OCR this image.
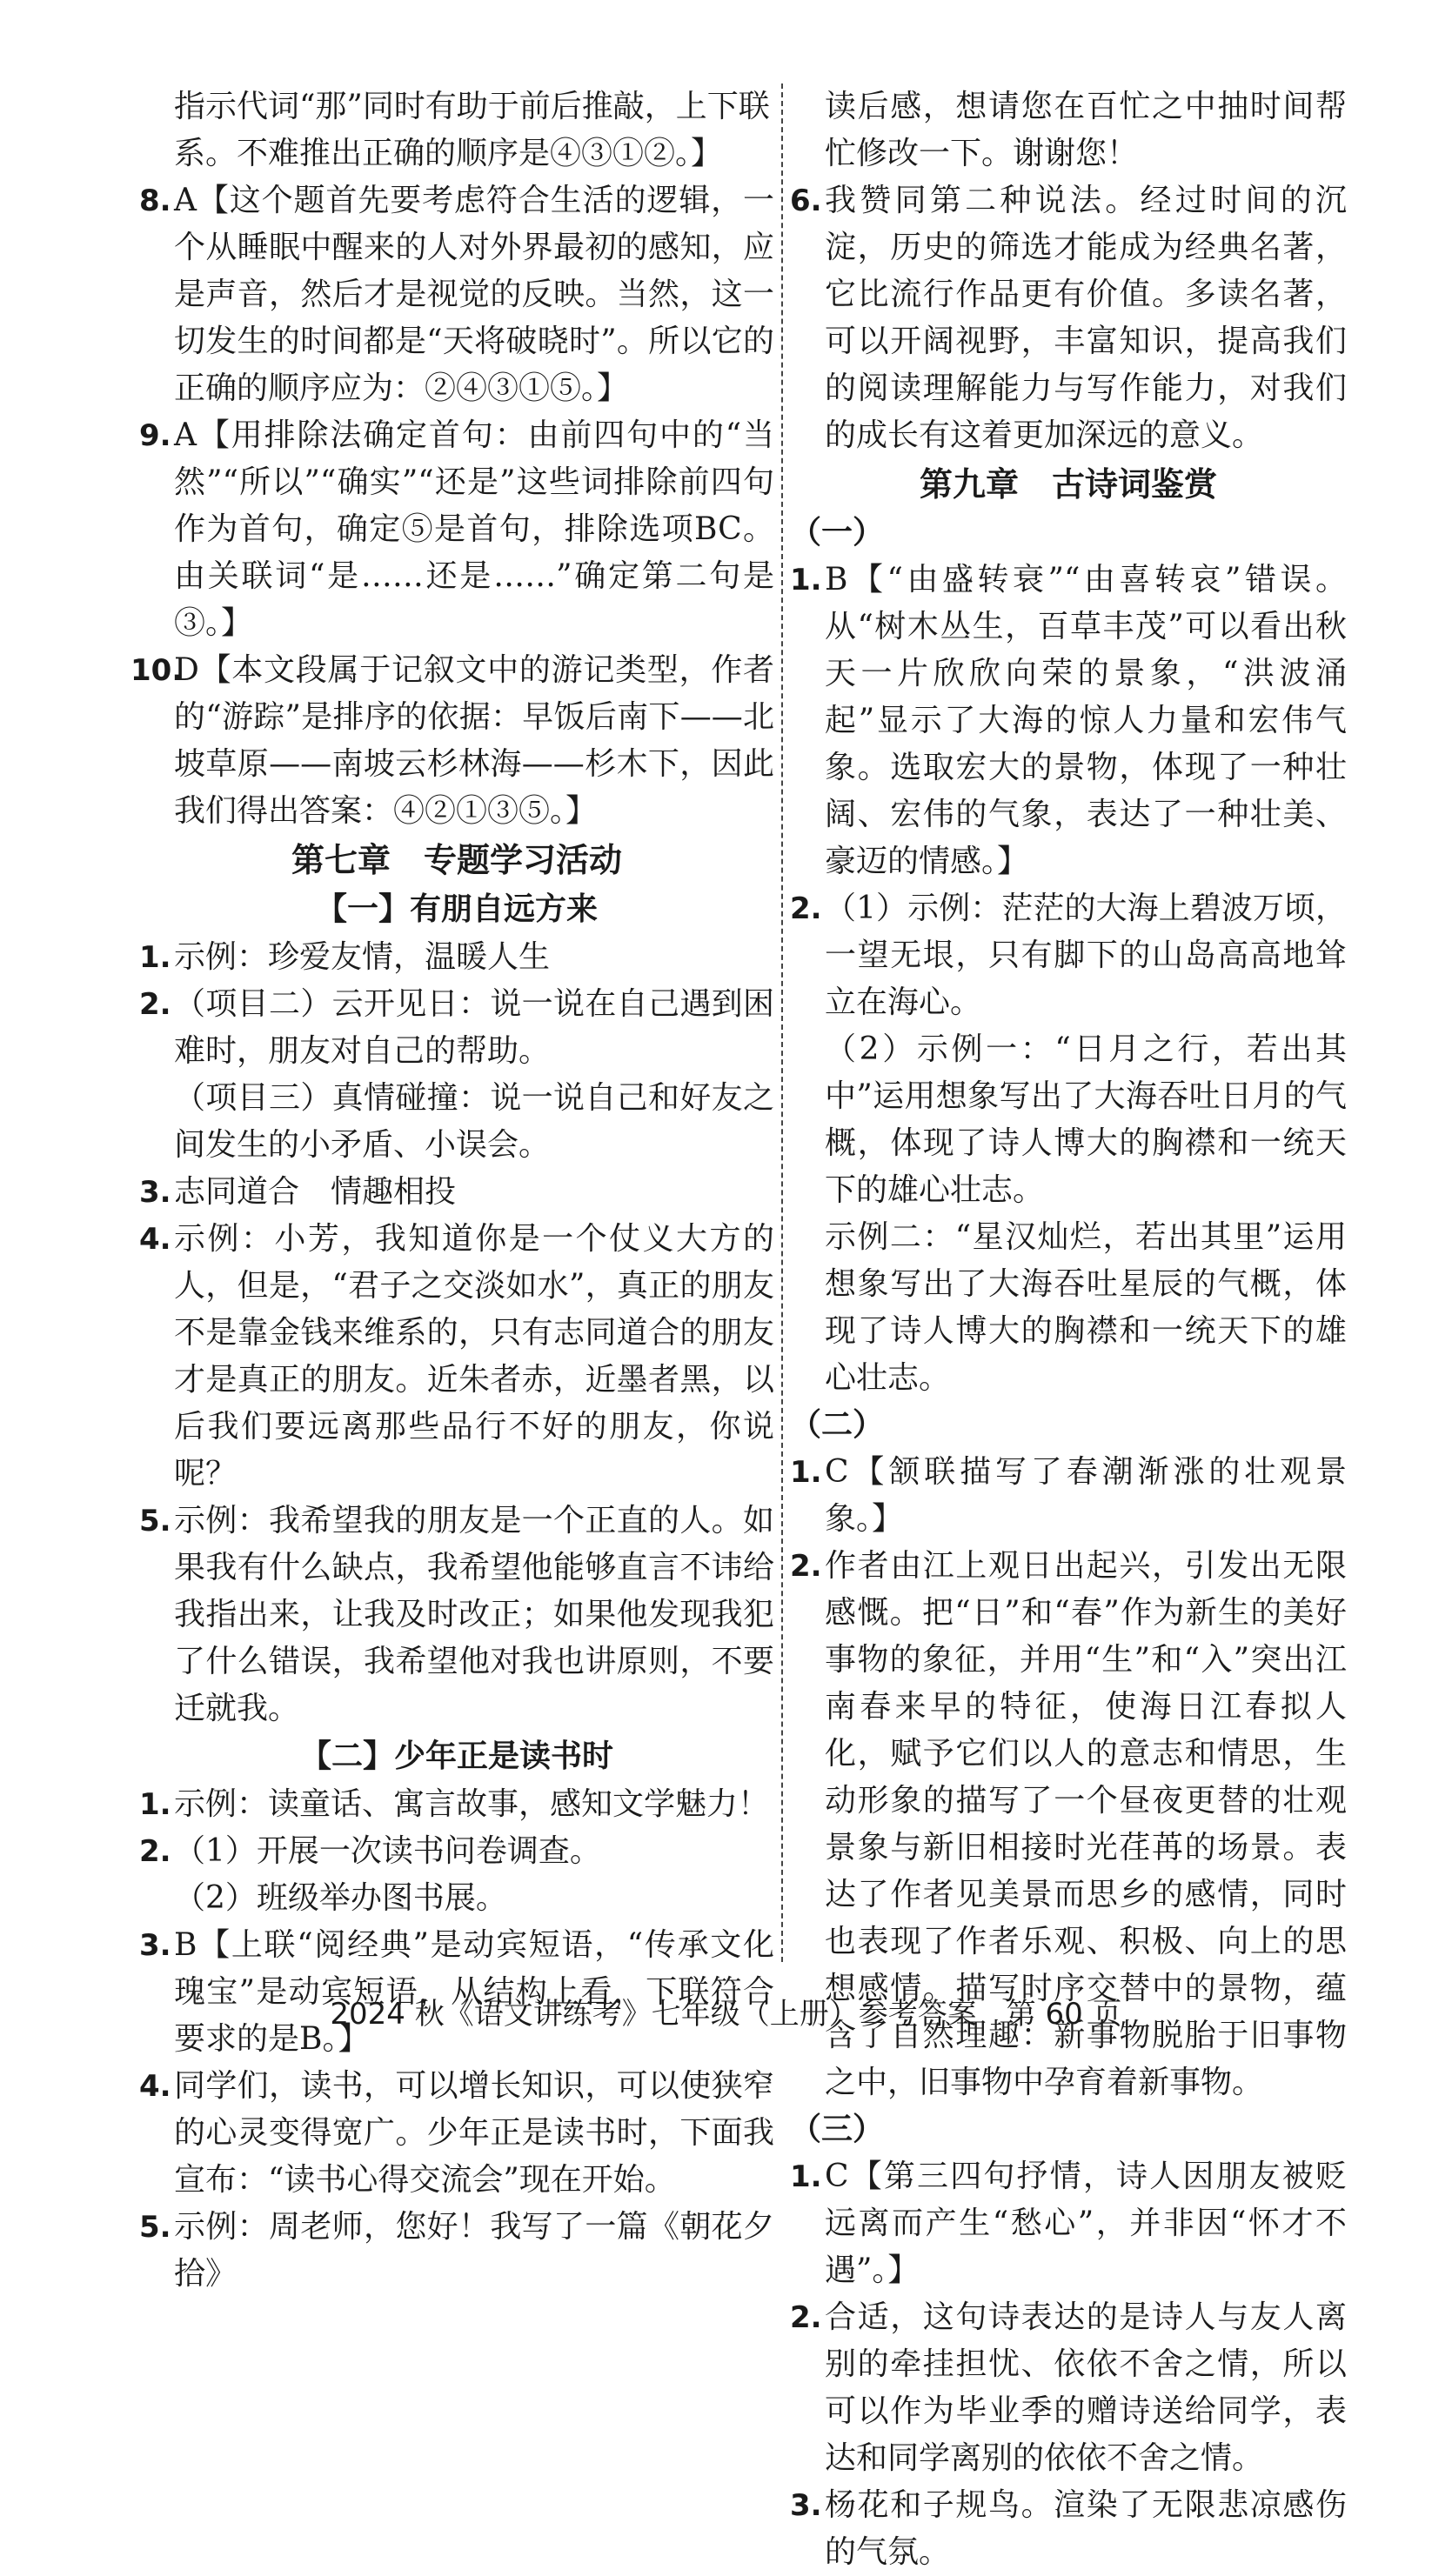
指示代词“那”同时有助于前后推敲，上下联

系。不难推出正确的顺序是④③①②。】

8. A【这个题首先要考虑符合生活的逻辑，一个从睡眠中醒来的人对外界最初的感知，应是声音，然后才是视觉的反映。当然，这一切发生的时间都是“天将破晓时”。所以它的正确的顺序应为：②④③①⑤。】

9. A【用排除法确定首句：由前四句中的“当然”“所以”“确实”“还是”这些词排除前四句作为首句，确定⑤是首句，排除选项BC。由关联词“是……还是……”确定第二句是③。】

10.
D【本文段属于记叙文中的游记类型，作者的“游踪”是排序的依据：早饭后南下——北坡草原——南坡云杉林海——杉木下，因此我们得出答案：④②①③⑤。】

第七章　专题学习活动

【一】有朋自远方来

1. 示例：珍爱友情，温暖人生

2. （项目二）云开见日：说一说在自己遇到困难时，朋友对自己的帮助。

（项目三）真情碰撞：说一说自己和好友之间发生的小矛盾、小误会。

3. 志同道合　情趣相投

4. 示例：小芳，我知道你是一个仗义大方的人，但是，“君子之交淡如水”，真正的朋友不是靠金钱来维系的，只有志同道合的朋友才是真正的朋友。近朱者赤，近墨者黑，以后我们要远离那些品行不好的朋友，你说呢？

5. 示例：我希望我的朋友是一个正直的人。如果我有什么缺点，我希望他能够直言不讳给我指出来，让我及时改正；如果他发现我犯了什么错误，我希望他对我也讲原则，不要迁就我。

【二】少年正是读书时

1. 示例：读童话、寓言故事，感知文学魅力！

2. （1）开展一次读书问卷调查。

（2）班级举办图书展。

3. B【上联“阅经典”是动宾短语，“传承文化瑰宝”是动宾短语，从结构上看，下联符合要求的是B。】

4. 同学们，读书，可以增长知识，可以使狭窄的心灵变得宽广。少年正是读书时，下面我宣布：“读书心得交流会”现在开始。

5. 示例：周老师，您好！我写了一篇《朝花夕拾》

读后感，想请您在百忙之中抽时间帮忙修改一下。谢谢您！

6. 我赞同第二种说法。经过时间的沉淀，历史的筛选才能成为经典名著，它比流行作品更有价值。多读名著，可以开阔视野，丰富知识，提高我们的阅读理解能力与写作能力，对我们的成长有这着更加深远的意义。

第九章　古诗词鉴赏

（一）

1. B【“由盛转衰”“由喜转哀”错误。从“树木丛生，百草丰茂”可以看出秋天一片欣欣向荣的景象，“洪波涌起”显示了大海的惊人力量和宏伟气象。选取宏大的景物，体现了一种壮阔、宏伟的气象，表达了一种壮美、豪迈的情感。】

2. （1）示例：茫茫的大海上碧波万顷，一望无垠，只有脚下的山岛高高地耸立在海心。

（2）示例一：“日月之行，若出其中”运用想象写出了大海吞吐日月的气概，体现了诗人博大的胸襟和一统天下的雄心壮志。

示例二：“星汉灿烂，若出其里”运用想象写出了大海吞吐星辰的气概，体现了诗人博大的胸襟和一统天下的雄心壮志。

（二）

1. C【颔联描写了春潮渐涨的壮观景象。】

2. 作者由江上观日出起兴，引发出无限感慨。把“日”和“春”作为新生的美好事物的象征，并用“生”和“入”突出江南春来早的特征，使海日江春拟人化，赋予它们以人的意志和情思，生动形象的描写了一个昼夜更替的壮观景象与新旧相接时光荏苒的场景。表达了作者见美景而思乡的感情，同时也表现了作者乐观、积极、向上的思想感情。描写时序交替中的景物，蕴含了自然理趣：新事物脱胎于旧事物之中，旧事物中孕育着新事物。

（三）

1. C【第三四句抒情，诗人因朋友被贬远离而产生“愁心”，并非因“怀才不遇”。】

2. 合适，这句诗表达的是诗人与友人离别的牵挂担忧、依依不舍之情，所以可以作为毕业季的赠诗送给同学，表达和同学离别的依依不舍之情。

3. 杨花和子规鸟。渲染了无限悲凉感伤的气氛。

2024 秋《语文讲练考》七年级（上册）参考答案　第 60 页
